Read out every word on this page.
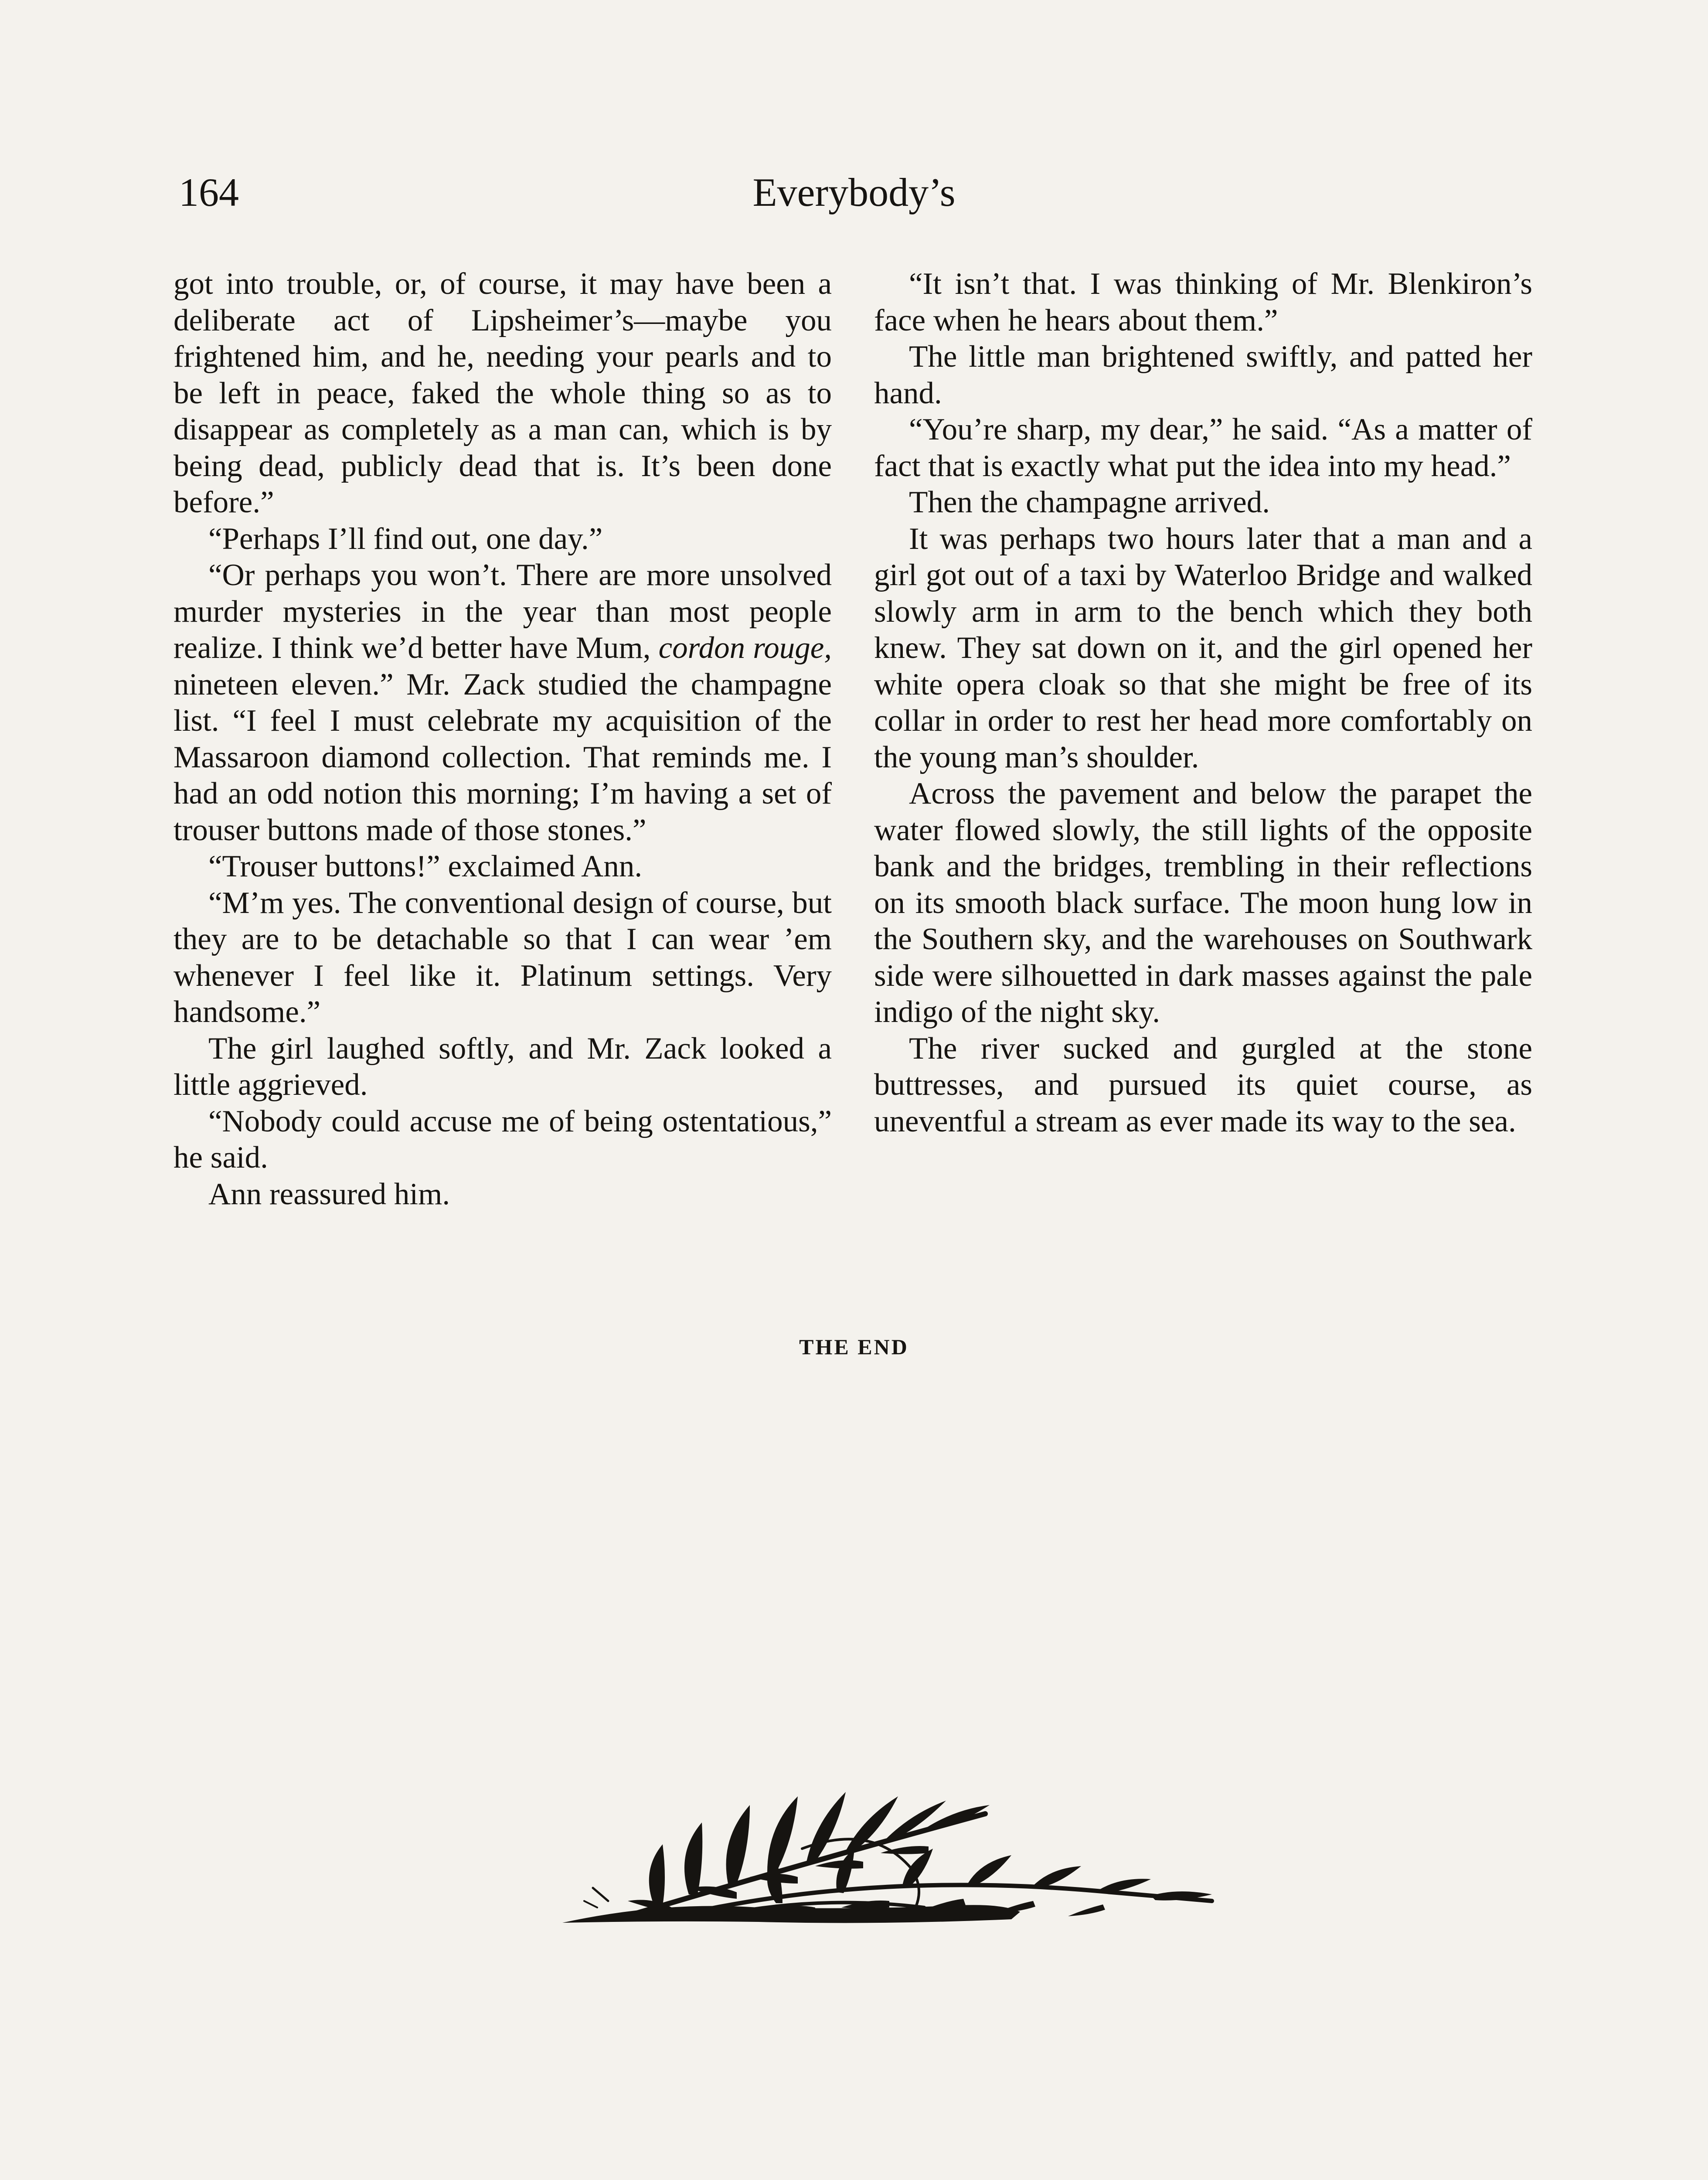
164	Everybody’s

got into trouble, or, of course, it may have been a deliberate act of Lipsheimer’s—maybe you frightened him, and he, needing your pearls and to be left in peace, faked the whole thing so as to disappear as completely as a man can, which is by being dead, publicly dead that is. It’s been done before.”

“Perhaps I’ll find out, one day.”

“Or perhaps you won’t. There are more unsolved murder mysteries in the year than most people realize. I think we’d better have Mum, cordon rouge, nineteen eleven.” Mr. Zack studied the champagne list. “I feel I must celebrate my acquisition of the Massaroon diamond collection. That reminds me. I had an odd notion this morning; I’m having a set of trouser buttons made of those stones.”

“Trouser buttons!” exclaimed Ann.

“M’m yes. The conventional design of course, but they are to be detachable so that I can wear ’em whenever I feel like it. Platinum settings. Very handsome.”

The girl laughed softly, and Mr. Zack looked a little aggrieved.

“Nobody could accuse me of being ostentatious,” he said.

Ann reassured him.

“It isn’t that. I was thinking of Mr. Blenkiron’s face when he hears about them.”

The little man brightened swiftly, and patted her hand.

“You’re sharp, my dear,” he said. “As a matter of fact that is exactly what put the idea into my head.”

Then the champagne arrived.

It was perhaps two hours later that a man and a girl got out of a taxi by Waterloo Bridge and walked slowly arm in arm to the bench which they both knew. They sat down on it, and the girl opened her white opera cloak so that she might be free of its collar in order to rest her head more comfortably on the young man’s shoulder.

Across the pavement and below the parapet the water flowed slowly, the still lights of the opposite bank and the bridges, trembling in their reflections on its smooth black surface. The moon hung low in the Southern sky, and the warehouses on Southwark side were silhouetted in dark masses against the pale indigo of the night sky.

The river sucked and gurgled at the stone buttresses, and pursued its quiet course, as uneventful a stream as ever made its way to the sea.

THE END
